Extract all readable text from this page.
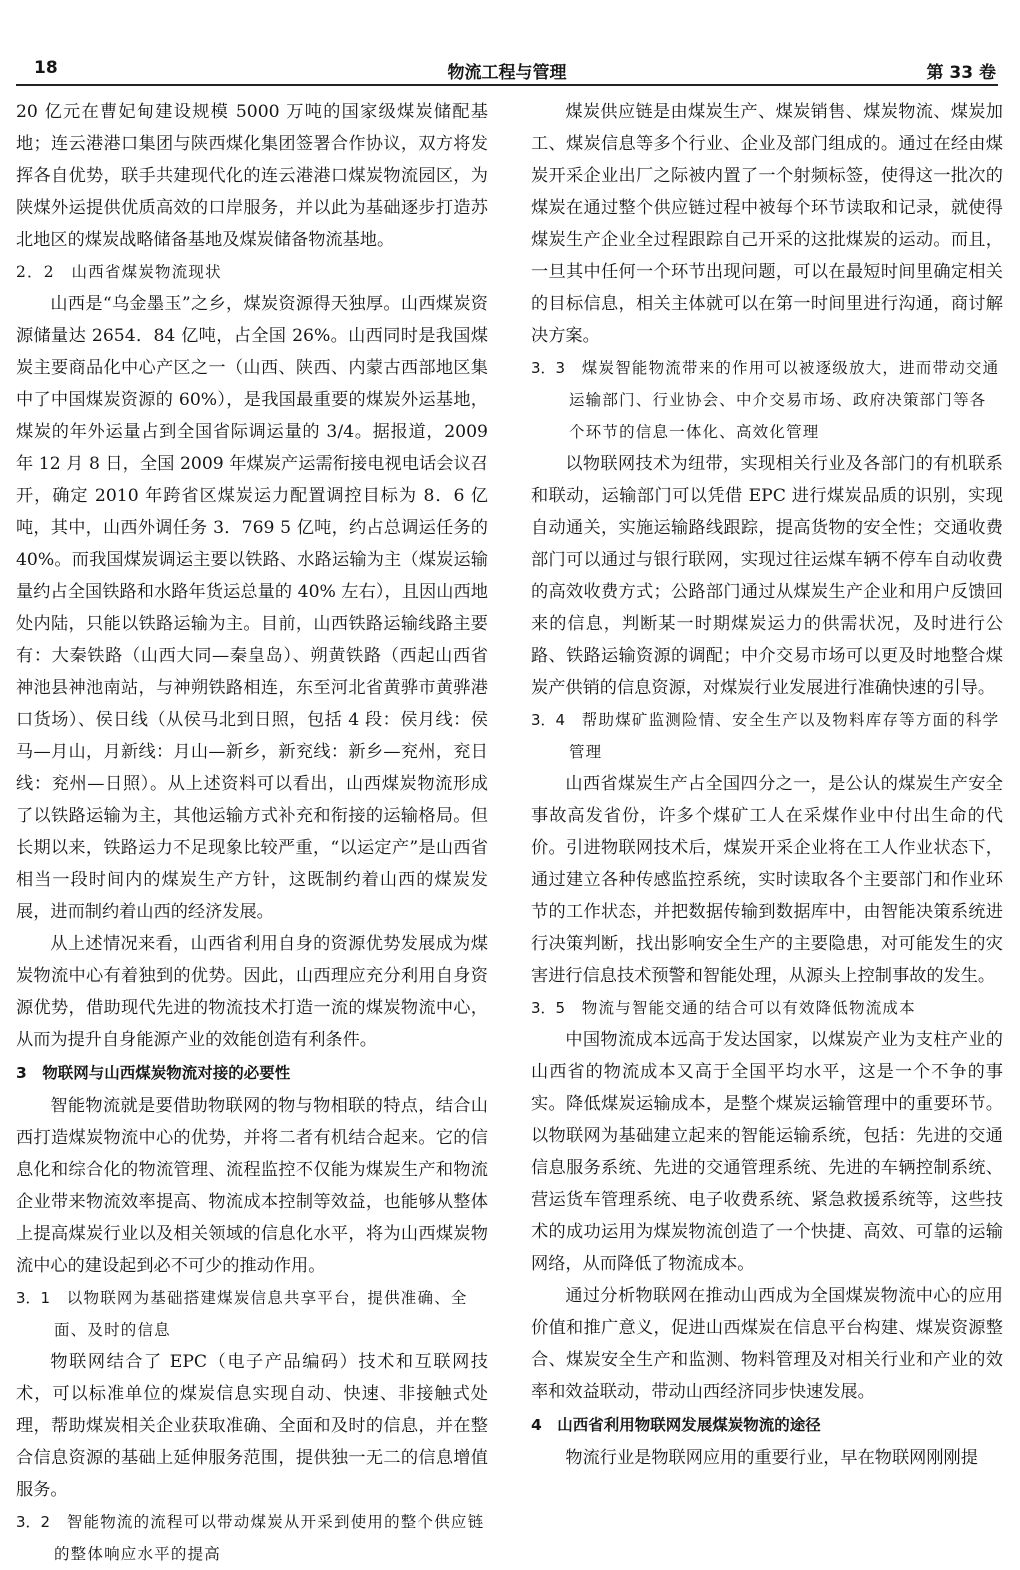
18	物流工程与管理	第 33 卷

20 亿元在曹妃甸建设规模 5000 万吨的国家级煤炭储配基地；连云港港口集团与陕西煤化集团签署合作协议，双方将发挥各自优势，联手共建现代化的连云港港口煤炭物流园区，为陕煤外运提供优质高效的口岸服务，并以此为基础逐步打造苏北地区的煤炭战略储备基地及煤炭储备物流基地。

2．2　山西省煤炭物流现状

山西是“乌金墨玉”之乡，煤炭资源得天独厚。山西煤炭资源储量达 2654．84 亿吨，占全国 26%。山西同时是我国煤炭主要商品化中心产区之一（山西、陕西、内蒙古西部地区集中了中国煤炭资源的 60%），是我国最重要的煤炭外运基地，煤炭的年外运量占到全国省际调运量的 3/4。据报道，2009 年 12 月 8 日，全国 2009 年煤炭产运需衔接电视电话会议召开，确定 2010 年跨省区煤炭运力配置调控目标为 8．6 亿吨，其中，山西外调任务 3．769 5 亿吨，约占总调运任务的 40%。而我国煤炭调运主要以铁路、水路运输为主（煤炭运输量约占全国铁路和水路年货运总量的 40% 左右），且因山西地处内陆，只能以铁路运输为主。目前，山西铁路运输线路主要有：大秦铁路（山西大同—秦皇岛）、朔黄铁路（西起山西省神池县神池南站，与神朔铁路相连，东至河北省黄骅市黄骅港口货场）、侯日线（从侯马北到日照，包括 4 段：侯月线：侯马—月山，月新线：月山—新乡，新兖线：新乡—兖州，兖日线：兖州—日照）。从上述资料可以看出，山西煤炭物流形成了以铁路运输为主，其他运输方式补充和衔接的运输格局。但长期以来，铁路运力不足现象比较严重，“以运定产”是山西省相当一段时间内的煤炭生产方针，这既制约着山西的煤炭发展，进而制约着山西的经济发展。

从上述情况来看，山西省利用自身的资源优势发展成为煤炭物流中心有着独到的优势。因此，山西理应充分利用自身资源优势，借助现代先进的物流技术打造一流的煤炭物流中心，从而为提升自身能源产业的效能创造有利条件。

3　物联网与山西煤炭物流对接的必要性

智能物流就是要借助物联网的物与物相联的特点，结合山西打造煤炭物流中心的优势，并将二者有机结合起来。它的信息化和综合化的物流管理、流程监控不仅能为煤炭生产和物流企业带来物流效率提高、物流成本控制等效益，也能够从整体上提高煤炭行业以及相关领域的信息化水平，将为山西煤炭物流中心的建设起到必不可少的推动作用。

3．1　 以物联网为基础搭建煤炭信息共享平台，提供准确、全面、及时的信息

物联网结合了 EPC（电子产品编码）技术和互联网技术，可以标准单位的煤炭信息实现自动、快速、非接触式处理，帮助煤炭相关企业获取准确、全面和及时的信息，并在整合信息资源的基础上延伸服务范围，提供独一无二的信息增值服务。

3．2　 智能物流的流程可以带动煤炭从开采到使用的整个供应链的整体响应水平的提高

煤炭供应链是由煤炭生产、煤炭销售、煤炭物流、煤炭加工、煤炭信息等多个行业、企业及部门组成的。通过在经由煤炭开采企业出厂之际被内置了一个射频标签，使得这一批次的煤炭在通过整个供应链过程中被每个环节读取和记录，就使得煤炭生产企业全过程跟踪自己开采的这批煤炭的运动。而且，一旦其中任何一个环节出现问题，可以在最短时间里确定相关的目标信息，相关主体就可以在第一时间里进行沟通，商讨解决方案。

3．3　 煤炭智能物流带来的作用可以被逐级放大，进而带动交通运输部门、行业协会、中介交易市场、政府决策部门等各个环节的信息一体化、高效化管理

以物联网技术为纽带，实现相关行业及各部门的有机联系和联动，运输部门可以凭借 EPC 进行煤炭品质的识别，实现自动通关，实施运输路线跟踪，提高货物的安全性；交通收费部门可以通过与银行联网，实现过往运煤车辆不停车自动收费的高效收费方式；公路部门通过从煤炭生产企业和用户反馈回来的信息，判断某一时期煤炭运力的供需状况，及时进行公路、铁路运输资源的调配；中介交易市场可以更及时地整合煤炭产供销的信息资源，对煤炭行业发展进行准确快速的引导。

3．4　 帮助煤矿监测险情、安全生产以及物料库存等方面的科学管理

山西省煤炭生产占全国四分之一，是公认的煤炭生产安全事故高发省份，许多个煤矿工人在采煤作业中付出生命的代价。引进物联网技术后，煤炭开采企业将在工人作业状态下，通过建立各种传感监控系统，实时读取各个主要部门和作业环节的工作状态，并把数据传输到数据库中，由智能决策系统进行决策判断，找出影响安全生产的主要隐患，对可能发生的灾害进行信息技术预警和智能处理，从源头上控制事故的发生。

3．5　 物流与智能交通的结合可以有效降低物流成本

中国物流成本远高于发达国家，以煤炭产业为支柱产业的山西省的物流成本又高于全国平均水平，这是一个不争的事实。降低煤炭运输成本，是整个煤炭运输管理中的重要环节。以物联网为基础建立起来的智能运输系统，包括：先进的交通信息服务系统、先进的交通管理系统、先进的车辆控制系统、营运货车管理系统、电子收费系统、紧急救援系统等，这些技术的成功运用为煤炭物流创造了一个快捷、高效、可靠的运输网络，从而降低了物流成本。

通过分析物联网在推动山西成为全国煤炭物流中心的应用价值和推广意义，促进山西煤炭在信息平台构建、煤炭资源整合、煤炭安全生产和监测、物料管理及对相关行业和产业的效率和效益联动，带动山西经济同步快速发展。

4　山西省利用物联网发展煤炭物流的途径

物流行业是物联网应用的重要行业，早在物联网刚刚提
